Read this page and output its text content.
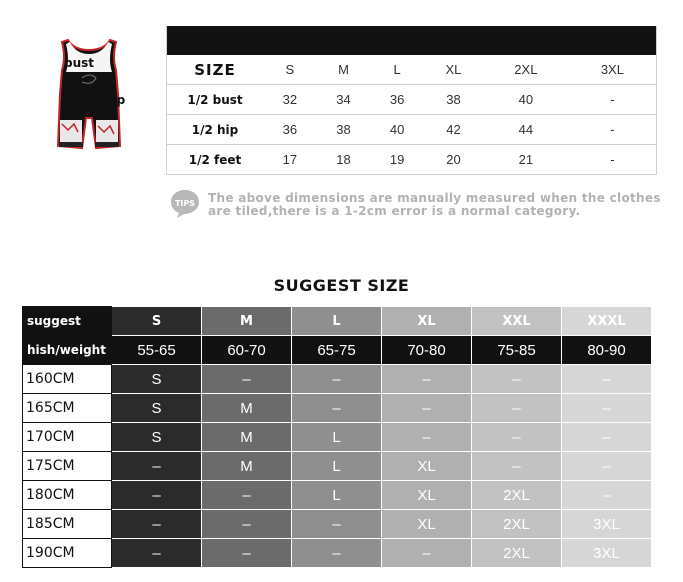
bust
hip

SIZE	S	M	L	XL	2XL	3XL
1/2 bust	32	34	36	38	40	-
1/2 hip	36	38	40	42	44	-
1/2 feet	17	18	19	20	21	-
TIPS The above dimensions are manually measured when the clothes
are tiled,there is a 1-2cm error is a normal category.
SUGGEST SIZE
suggest	S	M	L	XL	XXL	XXXL
hish/weight	55-65	60-70	65-75	70-80	75-85	80-90
160CM	S	–	–	–	–	–
165CM	S	M	–	–	–	–
170CM	S	M	L	–	–	–
175CM	–	M	L	XL	–	–
180CM	–	–	L	XL	2XL	–
185CM	–	–	–	XL	2XL	3XL
190CM	–	–	–	–	2XL	3XL
